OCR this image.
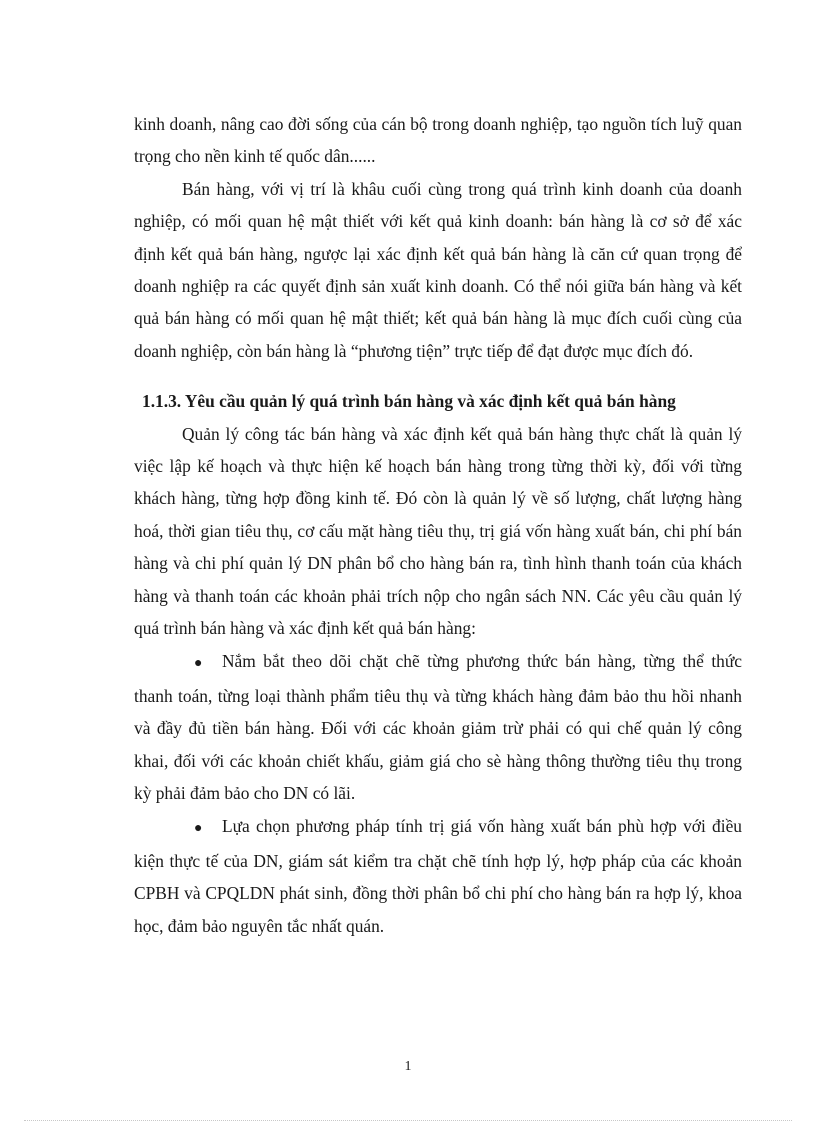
kinh doanh, nâng cao đời sống của cán bộ trong doanh nghiệp, tạo nguồn tích luỹ quan trọng cho nền kinh tế quốc dân......

Bán hàng, với vị trí là khâu cuối cùng trong quá trình kinh doanh của doanh nghiệp, có mối quan hệ mật thiết với kết quả kinh doanh: bán hàng là cơ sở để xác định kết quả bán hàng, ngược lại xác định kết quả bán hàng là căn cứ quan trọng để doanh nghiệp ra các quyết định sản xuất kinh doanh. Có thể nói giữa bán hàng và kết quả bán hàng có mối quan hệ mật thiết; kết quả bán hàng là mục đích cuối cùng của doanh nghiệp, còn bán hàng là “phương tiện” trực tiếp để đạt được mục đích đó.

1.1.3. Yêu cầu quản lý quá trình bán hàng và xác định kết quả bán hàng

Quản lý công tác bán hàng và xác định kết quả bán hàng thực chất là quản lý việc lập kế hoạch và thực hiện kế hoạch bán hàng trong từng thời kỳ, đối với từng khách hàng, từng hợp đồng kinh tế. Đó còn là quản lý về số lượng, chất lượng hàng hoá, thời gian tiêu thụ, cơ cấu mặt hàng tiêu thụ, trị giá vốn hàng xuất bán, chi phí bán hàng và chi phí quản lý DN phân bổ cho hàng bán ra, tình hình thanh toán của khách hàng và thanh toán các khoản phải trích nộp cho ngân sách NN. Các yêu cầu quản lý quá trình bán hàng và xác định kết quả bán hàng:

● Nắm bắt theo dõi chặt chẽ từng phương thức bán hàng, từng thể thức thanh toán, từng loại thành phẩm tiêu thụ và từng khách hàng đảm bảo thu hồi nhanh và đầy đủ tiền bán hàng. Đối với các khoản giảm trừ phải có qui chế quản lý công khai, đối với các khoản chiết khấu, giảm giá cho sè hàng thông thường tiêu thụ trong kỳ phải đảm bảo cho DN có lãi.

● Lựa chọn phương pháp tính trị giá vốn hàng xuất bán phù hợp với điều kiện thực tế của DN, giám sát kiểm tra chặt chẽ tính hợp lý, hợp pháp của các khoản CPBH và CPQLDN phát sinh, đồng thời phân bổ chi phí cho hàng bán ra hợp lý, khoa học, đảm bảo nguyên tắc nhất quán.

1
